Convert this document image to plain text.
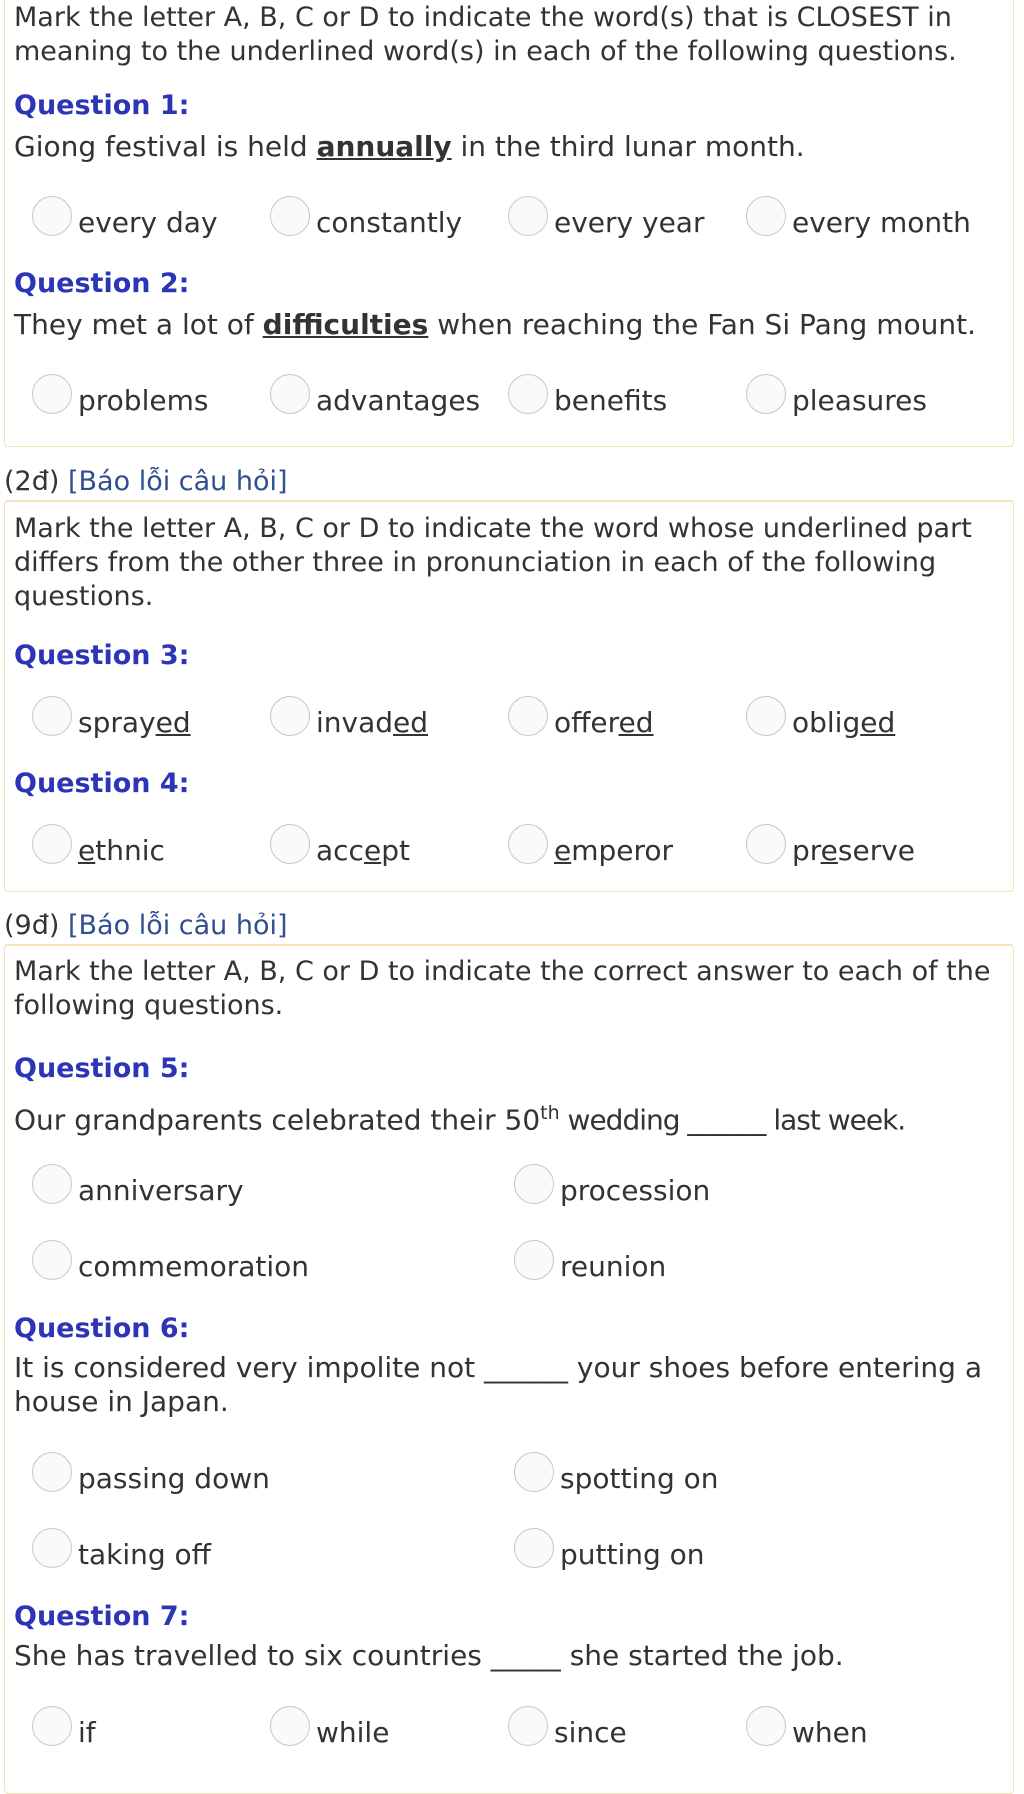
Mark the letter A, B, C or D to indicate the word(s) that is CLOSEST in meaning to the underlined word(s) in each of the following questions.
Question 1:
Giong festival is held annually in the third lunar month.
every day	constantly	every year	every month
Question 2:
They met a lot of difficulties when reaching the Fan Si Pang mount.
problems	advantages	benefits	pleasures
(2đ) [Báo lỗi câu hỏi]
Mark the letter A, B, C or D to indicate the word whose underlined part differs from the other three in pronunciation in each of the following questions.
Question 3:
sprayed	invaded	offered	obliged
Question 4:
ethnic	accept	emperor	preserve
(9đ) [Báo lỗi câu hỏi]
Mark the letter A, B, C or D to indicate the correct answer to each of the following questions.
Question 5:
Our grandparents celebrated their 50th wedding ______ last week.
anniversary	procession
commemoration	reunion
Question 6:
It is considered very impolite not ______ your shoes before entering a house in Japan.
passing down	spotting on
taking off	putting on
Question 7:
She has travelled to six countries _____ she started the job.
if	while	since	when
